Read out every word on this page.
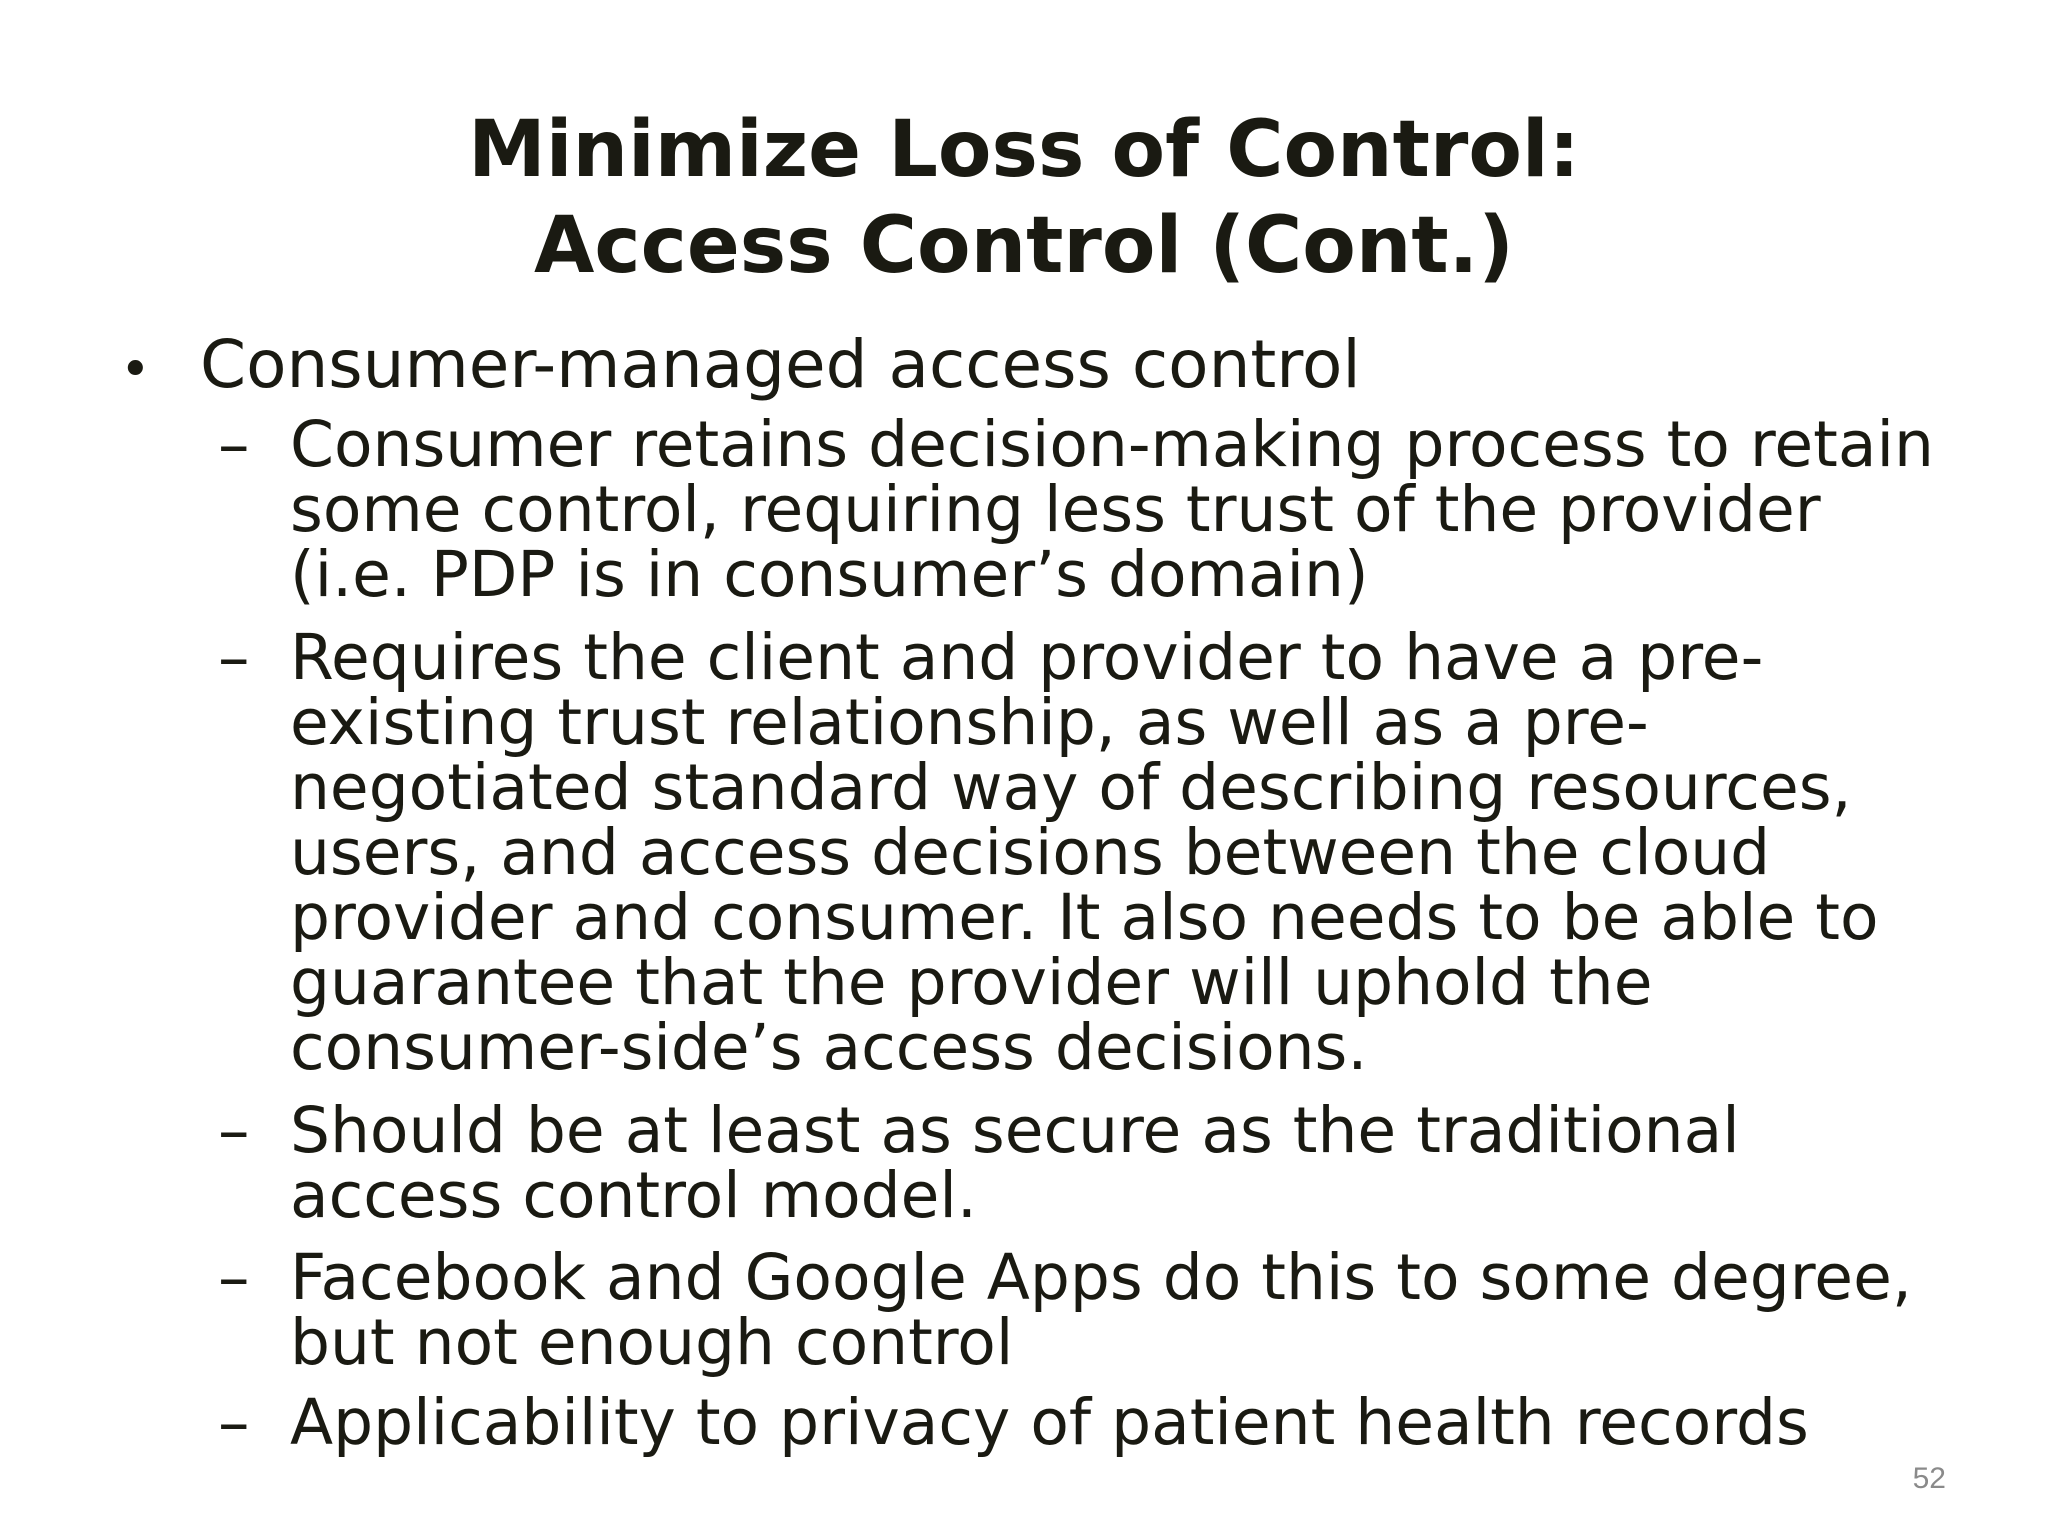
Minimize Loss of Control:
Access Control (Cont.)
• Consumer-managed access control
– Consumer retains decision-making process to retain
some control, requiring less trust of the provider
(i.e. PDP is in consumer’s domain)
– Requires the client and provider to have a pre-
existing trust relationship, as well as a pre-
negotiated standard way of describing resources,
users, and access decisions between the cloud
provider and consumer. It also needs to be able to
guarantee that the provider will uphold the
consumer-side’s access decisions.
– Should be at least as secure as the traditional
access control model.
– Facebook and Google Apps do this to some degree,
but not enough control
– Applicability to privacy of patient health records
52
